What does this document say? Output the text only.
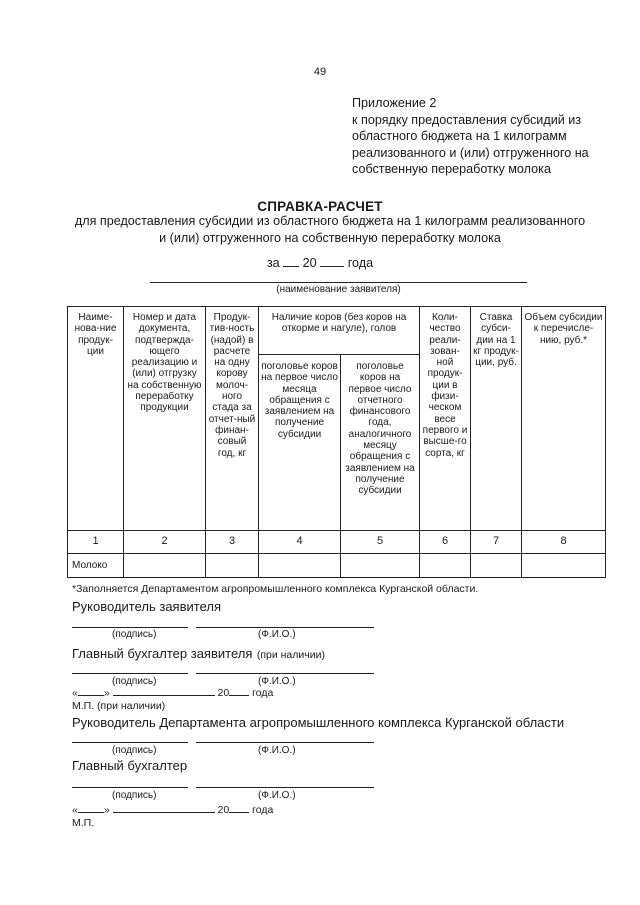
49
Приложение 2
к порядку предоставления субсидий из
областного бюджета на 1 килограмм
реализованного и (или) отгруженного на
собственную переработку молока
СПРАВКА-РАСЧЕТ
для предоставления субсидии из областного бюджета на 1 килограмм реализованного
и (или) отгруженного на собственную переработку молока
за 20 года
(наименование заявителя)
Наиме-нова-ние продук-ции	Номер и дата документа, подтвержда-ющего реализацию и (или) отгрузку на собственную переработку продукции	Продук-тив-ность (надой) в расчете на одну корову молоч-ного стада за отчет-ный финан-совый год, кг	Наличие коров (без коров на откорме и нагуле), голов		Коли-чество реали-зован-ной продук-ции в физи-ческом весе первого и высше-го сорта, кг	Ставка субси-дии на 1 кг продук-ции, руб.	Объем субсидии к перечисле-нию, руб.*
			поголовье коров на первое число месяца обращения с заявлением на получение субсидии	поголовье коров на первое число отчетного финансового года, аналогичного месяцу обращения с заявлением на получение субсидии			
1	2	3	4	5	6	7	8
Молоко							
*Заполняется Департаментом агропромышленного комплекса Курганской области.
Руководитель заявителя
(подпись)	(Ф.И.О.)
Главный бухгалтер заявителя (при наличии)
(подпись)	(Ф.И.О.)
« »	20 года
М.П. (при наличии)
Руководитель Департамента агропромышленного комплекса Курганской области
(подпись)	(Ф.И.О.)
Главный бухгалтер
(подпись)	(Ф.И.О.)
« »	20 года
М.П.
